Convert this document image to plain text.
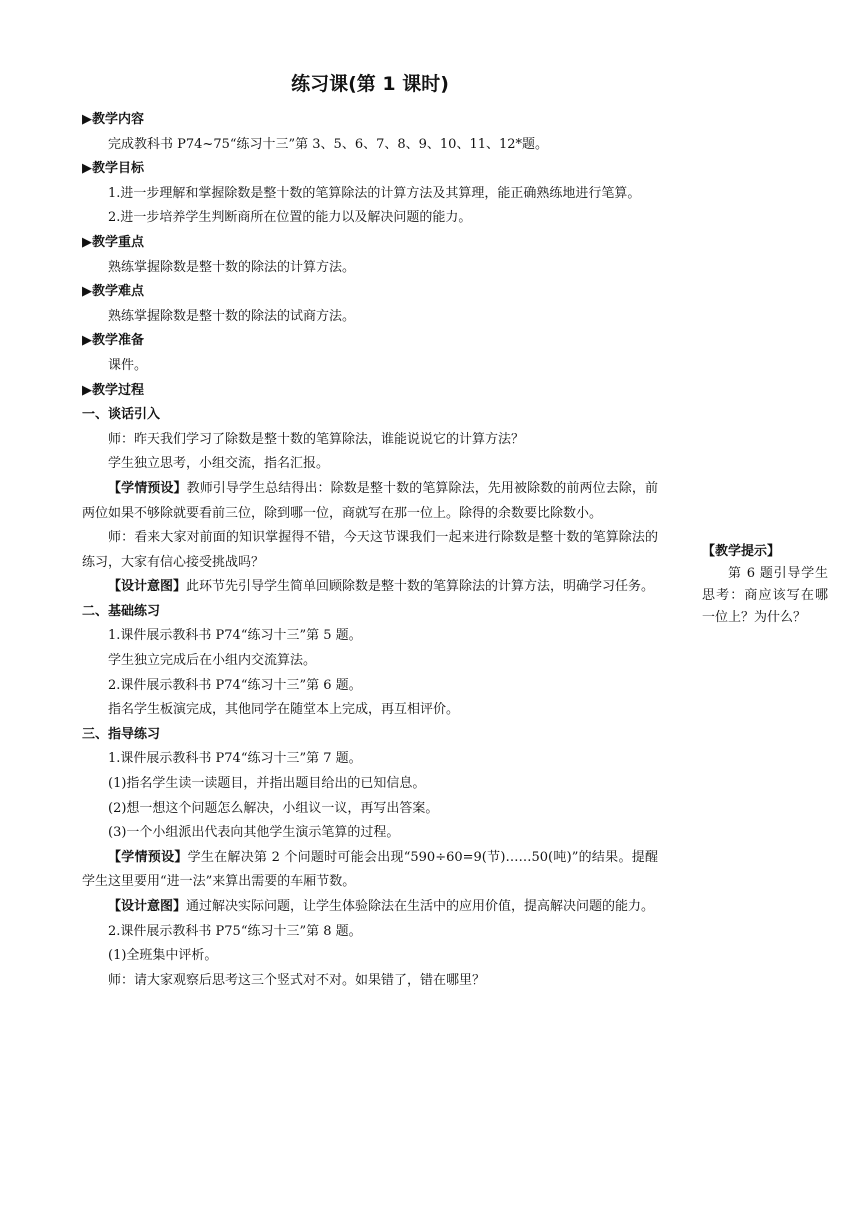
练习课(第 1 课时)

▶教学内容

完成教科书 P74~75“练习十三”第 3、5、6、7、8、9、10、11、12*题。

▶教学目标

1.进一步理解和掌握除数是整十数的笔算除法的计算方法及其算理，能正确熟练地进行笔算。

2.进一步培养学生判断商所在位置的能力以及解决问题的能力。

▶教学重点

熟练掌握除数是整十数的除法的计算方法。

▶教学难点

熟练掌握除数是整十数的除法的试商方法。

▶教学准备

课件。

▶教学过程

一、谈话引入

师：昨天我们学习了除数是整十数的笔算除法，谁能说说它的计算方法？

学生独立思考，小组交流，指名汇报。

【学情预设】教师引导学生总结得出：除数是整十数的笔算除法，先用被除数的前两位去除，前两位如果不够除就要看前三位，除到哪一位，商就写在那一位上。除得的余数要比除数小。

师：看来大家对前面的知识掌握得不错，今天这节课我们一起来进行除数是整十数的笔算除法的练习，大家有信心接受挑战吗？

【设计意图】此环节先引导学生简单回顾除数是整十数的笔算除法的计算方法，明确学习任务。

二、基础练习

1.课件展示教科书 P74“练习十三”第 5 题。

学生独立完成后在小组内交流算法。

2.课件展示教科书 P74“练习十三”第 6 题。

指名学生板演完成，其他同学在随堂本上完成，再互相评价。

三、指导练习

1.课件展示教科书 P74“练习十三”第 7 题。

(1)指名学生读一读题目，并指出题目给出的已知信息。

(2)想一想这个问题怎么解决，小组议一议，再写出答案。

(3)一个小组派出代表向其他学生演示笔算的过程。

【学情预设】学生在解决第 2 个问题时可能会出现“590÷60=9(节)……50(吨)”的结果。提醒学生这里要用“进一法”来算出需要的车厢节数。

【设计意图】通过解决实际问题，让学生体验除法在生活中的应用价值，提高解决问题的能力。

2.课件展示教科书 P75“练习十三”第 8 题。

(1)全班集中评析。

师：请大家观察后思考这三个竖式对不对。如果错了，错在哪里？

【教学提示】

第 6 题引导学生思考：商应该写在哪一位上？为什么？
